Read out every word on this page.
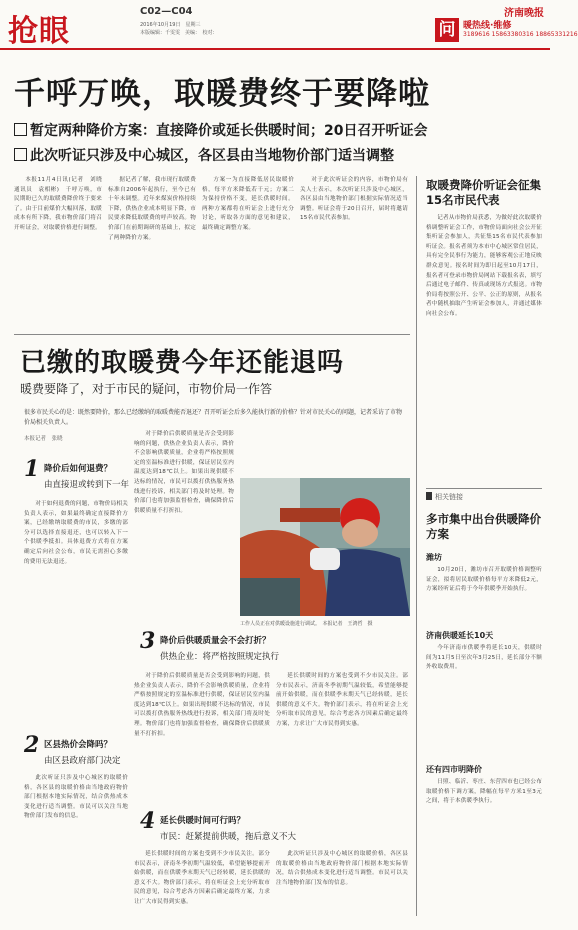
抢眼
C02—C04
2016年10月19日　星期三
本版编辑：千雯雯　美编：　校对：
济南晚报
问 暖热线·维修
3189616 15863380316 18865331216
千呼万唤，取暖费终于要降啦
暂定两种降价方案：直接降价或延长供暖时间；20日召开听证会
此次听证只涉及中心城区，各区县由当地物价部门适当调整
本报11月4日讯(记者　刘晓　通讯员　袁相彬)　千呼万唤，市民期盼已久的取暖费降价终于要来了。由于目前煤价大幅回落，取暖成本有所下降，我市物价部门将召开听证会，对取暖价格进行调整。
据记者了解，我市现行取暖费标准自2006年起执行，至今已有十年未调整。近年来煤炭价格持续下降，供热企业成本明显下降，市民要求降低取暖费的呼声较高。物价部门在前期调研的基础上，拟定了两种降价方案。
方案一为直接降低居民取暖价格，每平方米降低若干元；方案二为保持价格不变，延长供暖时间。两种方案都将在听证会上进行充分讨论，听取各方面的意见和建议，最终确定调整方案。
对于此次听证会的内容，市物价局有关人士表示，本次听证只涉及中心城区，各区县由当地物价部门根据实际情况适当调整。听证会将于20日召开，届时将邀请15名市民代表参加。
取暖费降价听证会征集15名市民代表
记者从市物价局获悉，为做好此次取暖价格调整听证会工作，市物价局面向社会公开征集听证会参加人，共征集15名市民代表参加听证会。报名者须为本市中心城区常住居民，具有完全民事行为能力，能够客观公正地反映群众意见。报名时间为即日起至10月17日，报名者可登录市物价局网站下载报名表，填写后通过电子邮件、传真或现场方式报送。市物价局将按照公开、公平、公正的原则，从报名者中随机抽取产生听证会参加人，并通过媒体向社会公布。
相关链接
多市集中出台供暖降价方案
潍坊
10月20日，潍坊市召开取暖价格调整听证会，拟将居民取暖价格每平方米降低2元，方案经听证后将于今年供暖季开始执行。
济南供暖延长10天
今年济南市供暖季将延长10天，供暖时间为11月5日至次年3月25日，延长部分不额外收取费用。
还有四市明降价
日照、临沂、枣庄、东营四市也已经公布取暖价格下调方案，降幅在每平方米1至3元之间，将于本供暖季执行。
已缴的取暖费今年还能退吗
暖费要降了，对于市民的疑问，市物价局一作答
很多市民关心的是：既然要降价，那么已经缴纳的取暖费能否退还？召开听证会后多久能执行新的价格？针对市民关心的问题，记者采访了市物价局相关负责人。
本报记者　张晓
1 降价后如何退费？
由直接退或转到下一年
对于如何退费的问题，市物价局相关负责人表示，如果最终确定直接降价方案，已经缴纳取暖费的市民，多缴的部分可以选择直接退还，也可以转入下一个供暖季抵扣。具体退费方式将在方案确定后向社会公布，市民无需担心多缴的费用无法退还。
2 区县热价会降吗？
由区县政府部门决定
此次听证只涉及中心城区的取暖价格，各区县的取暖价格由当地政府物价部门根据本地实际情况，结合供热成本变化进行适当调整。市民可以关注当地物价部门发布的信息。
对于降价后供暖质量是否会受到影响的问题，供热企业负责人表示，降价不会影响供暖质量，企业将严格按照规定的室温标准进行供暖，保证居民室内温度达到18℃以上。如果出现供暖不达标的情况，市民可以拨打供热服务热线进行投诉，相关部门将及时处理。物价部门也将加强监督检查，确保降价后供暖质量不打折扣。
工作人员正在对供暖设施进行调试。　本报记者　王鸿哲　摄
3 降价后供暖质量会不会打折？
供热企业：将严格按照规定执行
对于降价后供暖质量是否会受到影响的问题，供热企业负责人表示，降价不会影响供暖质量，企业将严格按照规定的室温标准进行供暖，保证居民室内温度达到18℃以上。如果出现供暖不达标的情况，市民可以拨打供热服务热线进行投诉，相关部门将及时处理。物价部门也将加强监督检查，确保降价后供暖质量不打折扣。
延长供暖时间的方案也受到不少市民关注。部分市民表示，济南冬季初期气温较低，希望能够提前开始供暖，而在供暖季末期天气已经转暖，延长供暖的意义不大。物价部门表示，将在听证会上充分听取市民的意见，综合考虑各方因素后确定最终方案，力求让广大市民得到实惠。
4 延长供暖时间可行吗？
市民：赶紧提前供暖，拖后意义不大
延长供暖时间的方案也受到不少市民关注。部分市民表示，济南冬季初期气温较低，希望能够提前开始供暖，而在供暖季末期天气已经转暖，延长供暖的意义不大。物价部门表示，将在听证会上充分听取市民的意见，综合考虑各方因素后确定最终方案，力求让广大市民得到实惠。
此次听证只涉及中心城区的取暖价格，各区县的取暖价格由当地政府物价部门根据本地实际情况，结合供热成本变化进行适当调整。市民可以关注当地物价部门发布的信息。
